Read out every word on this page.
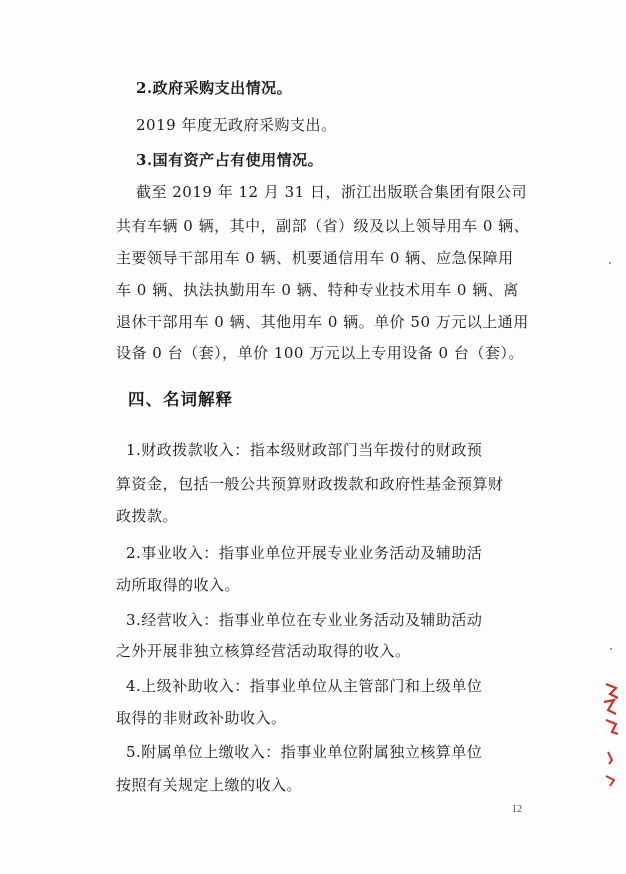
2.政府采购支出情况。
2019 年度无政府采购支出。
3.国有资产占有使用情况。
截至 2019 年 12 月 31 日，浙江出版联合集团有限公司
共有车辆 0 辆，其中，副部（省）级及以上领导用车 0 辆、
主要领导干部用车 0 辆、机要通信用车 0 辆、应急保障用
车 0 辆、执法执勤用车 0 辆、特种专业技术用车 0 辆、离
退休干部用车 0 辆、其他用车 0 辆。单价 50 万元以上通用
设备 0 台（套），单价 100 万元以上专用设备 0 台（套）。
四、名词解释
1.财政拨款收入：指本级财政部门当年拨付的财政预
算资金，包括一般公共预算财政拨款和政府性基金预算财
政拨款。
2.事业收入：指事业单位开展专业业务活动及辅助活
动所取得的收入。
3.经营收入：指事业单位在专业业务活动及辅助活动
之外开展非独立核算经营活动取得的收入。
4.上级补助收入：指事业单位从主管部门和上级单位
取得的非财政补助收入。
5.附属单位上缴收入：指事业单位附属独立核算单位
按照有关规定上缴的收入。
12
